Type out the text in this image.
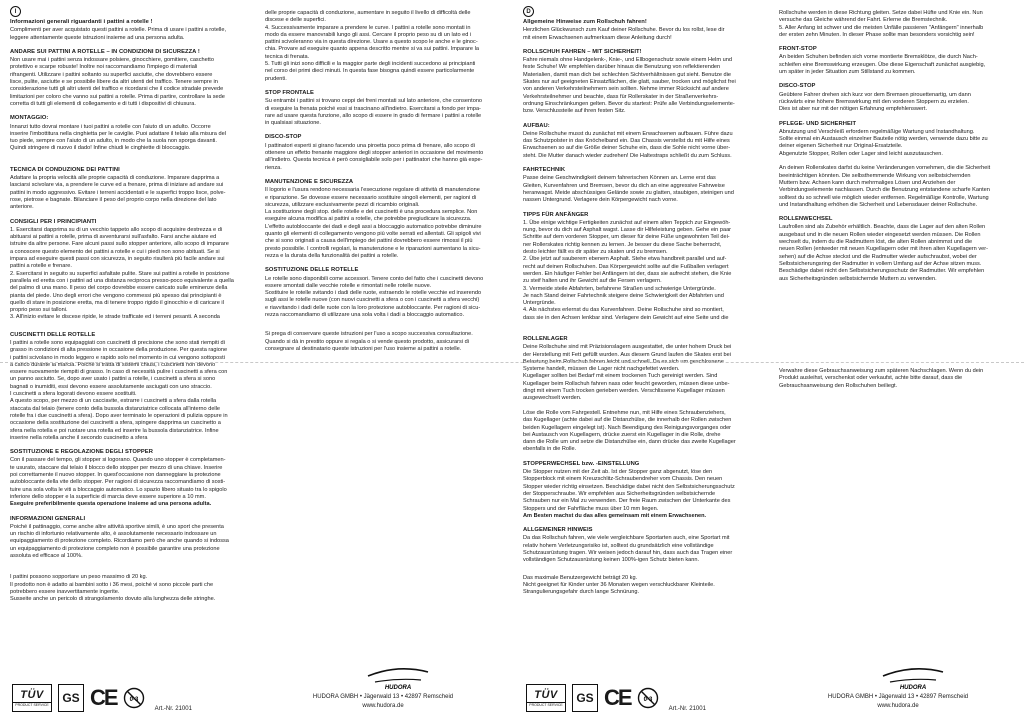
I	D
Informazioni generali riguardanti i pattini a rotelle !

Complimenti per aver acquistato questi pattini a rotelle. Prima di usare i pattini a rotelle,
leggere attentamente queste istruzioni insieme ad una persona adulta.

ANDARE SUI PATTINI A ROTELLE – IN CONDIZIONI DI SICUREZZA !

Non usare mai i pattini senza indossare polsiere, ginocchiere, gomitiere, caschetto
protettivo e scarpe robuste! Inoltre noi raccomandiamo l'impiego di materiali
rifrangenti. Utilizzare i pattini soltanto su superfici asciutte, che dovrebbero essere
lisce, pulite, asciutte e se possibile libere da altri utenti del traffico. Tenere sempre in
considerazione tutti gli altri utenti del traffico e ricordarsi che il codice stradale prevede
limitazioni per coloro che vanno sui pattini a rotelle. Prima di partire, controllare la sede
corretta di tutti gli elementi di collegamento e di tutti i dispositivi di chiusura.

MONTAGGIO:

Innanzi tutto dovrai montare i tuoi pattini a rotelle con l'aiuto di un adulto. Occorre
inserire l'imbottitura nella cinghietta per le caviglie. Puoi adattare il telaio alla misura del
tuo piede, sempre con l'aiuto di un adulto, in modo che la suola non sporga davanti.
Quindi stringere di nuovo il dado! Infine chiudi le cinghiette di bloccaggio.

TECNICA DI CONDUZIONE DEI PATTINI

Adattare la propria velocità alle proprie capacità di conduzione. Imparare dapprima a
lasciarsi scivolare via, a prendere le curve ed a frenare, prima di iniziare ad andare sui
pattini in modo aggressivo. Evitare i terreni accidentati e le superfici troppo lisce, polve-
rose, pietrose e bagnate. Bilanciare il peso del proprio corpo nella direzione del lato
anteriore.

CONSIGLI PER I PRINCIPIANTI

1. Esercitarsi dapprima su di un vecchio tappeto allo scopo di acquisire destrezza e di
abituarsi ai pattini a rotelle, prima di avventurarsi sull'asfalto. Farsi anche aiutare ed
istruire da altre persone. Fare alcuni passi sullo stopper anteriore, allo scopo di imparare
a conoscere questo elemento dei pattini a rotelle e cui i piedi non sono abituati. Se si
impara ad eseguire questi passi con sicurezza, in seguito risulterà più facile andare sui
pattini a rotelle e frenare.
2. Esercitarsi in seguito su superfici asfaltate pulite. Stare sui pattini a rotelle in posizione
parallela ed eretta con i pattini ad una distanza reciproca presso-poco equivalente a quella
del palmo di una mano. Il peso del corpo dovrebbe essere caricato sulle eminenze della
pianta del piede. Uno degli errori che vengono commessi più spesso dai principianti è
quello di stare in posizione eretta, ma di tenere troppo rigido il ginocchio e di caricare il
proprio peso sui talloni.
3. All'inizio evitare le discese ripide, le strade trafficate ed i terreni pesanti. A seconda

CUSCINETTI DELLE ROTELLE

I pattini a rotelle sono equipaggiati con cuscinetti di precisione che sono stati riempiti di
grasso in condizioni di alta pressione in occasione della produzione. Per questa ragione
i pattini scivolano in modo leggero e rapido solo nel momento in cui vengono sottoposti
a carico durante la marcia. Poiché si tratta di sistemi chiusi, i cuscinetti non devono
essere nuovamente riempiti di grasso. In caso di necessità pulire i cuscinetti a sfera con
un panno asciutto. Se, dopo aver usato i pattini a rotelle, i cuscinetti a sfera si sono
bagnati o inumiditi, essi devono essere assolutamente asciugati con uno straccio.
I cuscinetti a sfera logorati devono essere sostituiti.
A questo scopo, per mezzo di un cacciavite, estrarre i cuscinetti a sfera dalla rotella
staccata dal telaio (tenere conto della bussola distanziatrice collocata all'interno delle
rotelle fra i due cuscinetti a sfera). Dopo aver terminato le operazioni di pulizia oppure in
occasione della sostituzione dei cuscinetti a sfera, spingere dapprima un cuscinetto a
sfera nella rotella e poi ruotare una rotella ed inserire la bussola distanziatrice. Infine
inserire nella rotella anche il secondo cuscinetto a sfera

SOSTITUZIONE E REGOLAZIONE DEGLI STOPPER

Con il passare del tempo, gli stopper si logorano. Quando uno stopper è completamen-
te usurato, staccare dal telaio il blocco dello stopper per mezzo di una chiave. Inserire
poi correttamente il nuovo stopper. In quest'occasione non danneggiare la protezione
autobloccante della vite dello stopper. Per ragioni di sicurezza raccomandiamo di sosti-
tuire una sola volta le viti a bloccaggio automatico. Lo spazio libero situato tra lo spigolo
inferiore dello stopper e la superficie di marcia deve essere superiore a 10 mm.

Eseguire preferibilmente questa operazione insieme ad una persona adulta.

INFORMAZIONI GENERALI

Poiché il pattinaggio, come anche altre attività sportive simili, è uno sport che presenta
un rischio di infortunio relativamente alto, è assolutamente necessario indossare un
equipaggiamento di protezione completo. Ricordiamo però che anche quando si indossa
un equipaggiamento di protezione completo non è possibile garantire una protezione
assoluta ed efficace al 100%.

I pattini possono sopportare un peso massimo di 20 kg.
Il prodotto non è adatto ai bambini sotto i 36 mesi, poiché vi sono piccole parti che
potrebbero essere inavvertitamente ingerite.
Susseite anche un pericolo di strangolamento dovuto alla lunghezza delle stringhe.

delle proprie capacità di conduzione, aumentare in seguito il livello di difficoltà delle
discese e delle superfici.
4. Successivamente imparare a prendere le curve. I pattini a rotelle sono montati in
modo da essere manovrabili lungo gli assi. Cercare il proprio peso su di un lato ed i
pattini scivoleranno via in questa direzione. Usare a questo scopo le anche e le ginoc-
chia. Provare ad eseguire quanto appena descritto mentre si va sui pattini. Imparare la
tecnica di frenata.
5. Tutti gli inizi sono difficili e la maggior parte degli incidenti succedono ai principianti
nel corso dei primi dieci minuti. In questa fase bisogna quindi essere particolarmente
prudenti.

STOP FRONTALE

Su entrambi i pattini si trovano ceppi dei freni montati sul lato anteriore, che consentono
di eseguire la frenata poiché essi si trascinano all'indietro. Esercitarsi a fondo per impa-
rare ad usare questa funzione, allo scopo di essere in grado di fermare i pattini a rotelle
in qualsiasi situazione.

DISCO-STOP

I pattinatori esperti si girano facendo una piroetta poco prima di frenare, allo scopo di
ottenere un effetto frenante maggiore degli stopper anteriori in occasione del movimento
all'indietro. Questa tecnica è però consigliabile solo per i pattinatori che hanno già espe-
rienza.

MANUTENZIONE E SICUREZZA

Il logorio e l'usura rendono necessaria l'esecuzione regolare di attività di manutenzione
e riparazione. Se dovesse essere necessario sostituire singoli elementi, per ragioni di
sicurezza, utilizzare esclusivamente pezzi di ricambio originali.
La sostituzione degli stop. delle rotelle e dei cuscinetti è una procedura semplice. Non
eseguire alcuna modifica ai pattini a rotelle, che potrebbe pregiudicare la sicurezza.
L'effetto autobloccante dei dadi e degli assi a bloccaggio automatico potrebbe diminuire
quanto gli elementi di collegamento vengono più volte serrati ed allentati. Gli spigoli vivi
che si sono originati a causa dell'impiego dei pattini dovrebbero essere rimossi il più
presto possibile. I controlli regolari, la manutenzione e le riparazioni aumentano la sicu-
rezza e la durata della funzionalità dei pattini a rotelle.

SOSTITUZIONE DELLE ROTELLE

Le rotelle sono disponibili come accessori. Tenere conto del fatto che i cuscinetti devono
essere smontati dalle vecchie rotelle e rimontati nelle rotelle nuove.
Sostituire le rotelle svitando i dadi delle ruote, estraendo le rotelle vecchie ed inserendo
sugli assi le rotelle nuove (con nuovi cuscinetti a sfera o con i cuscinetti a sfera vecchi)
e riavvitando i dadi delle ruote con la loro protezione autobloccante. Per ragioni di sicu-
rezza raccomandiamo di utilizzare una sola volta i dadi a bloccaggio automatico.

Si prega di conservare queste istruzioni per l'uso a scopo successiva consultazione.
Quando si dà in prestito oppure si regala o si vende questo prodotto, assicurarsi di
consegnare al destinatario queste istruzioni per l'uso insieme ai pattini a rotelle.

Allgemeine Hinweise zum Rollschuh fahren!

Herzlichen Glückwunsch zum Kauf deiner Rollschuhe. Bevor du los rollst, lese dir
mit einem Erwachsenen aufmerksam diese Anleitung durch!

ROLLSCHUH FAHREN – MIT SICHERHEIT!

Fahre niemals ohne Handgelenk-, Knie-, und Ellbogenschutz sowie einem Helm und
feste Schuhe! Wir empfehlen darüber hinaus die Benutzung von reflektierenden
Materialien, damit man dich bei schlechten Sichtverhältnissen gut sieht. Benutze die
Skates nur auf geeigneten Einsatzflächen, die glatt, sauber, trocken und möglichst frei
von anderen Verkehrsteilnehmern sein sollten. Nehme immer Rücksicht auf andere
Verkehrsteilnehmer und beachte, dass für Rollerskater in der Straßenverkehrs-
ordnung Einschränkungen gelten. Bevor du startest: Prüfe alle Verbindungselemente-
bzw. Verschlussteile auf ihren festen Sitz.

AUFBAU:

Deine Rollschuhe musst du zunächst mit einem Erwachsenen aufbauen. Führe dazu
das Schutzpolster in das Knöchelband ein. Das Chassis verstellst du mit Hilfe eines
Erwachsenen so auf die Größe deiner Schuhe ein, dass die Sohle nicht vorne über-
steht. Die Mutter danach wieder zudrehen! Die Haltestraps schließt du zum Schluss.

FAHRTECHNIK

Passe deine Geschwindigkeit deinem fahrerischen Können an. Lerne erst das
Gleiten, Kurvenfahren und Bremsen, bevor du dich an eine aggressive Fahrweise
heranwagst. Meide abschüssiges Gelände sowie zu glatten, staubigen, steinigen und
nassen Untergrund. Verlagere dein Körpergewicht nach vorne.

TIPPS FÜR ANFÄNGER

1. Übe einige wichtige Fertigkeiten zunächst auf einem alten Teppich zur Eingewöh-
nung, bevor du dich auf Asphalt wagst. Lasse dir Hilfeleistung geben. Gehe ein paar
Schritte auf dem vorderen Stopper, um dieser für deine Füße ungewohnten Teil dei-
ner Rollerskates richtig kennen zu lernen. Je besser du diese Sache beherrscht,
desto leichter fällt es dir später zu skaten und zu bremsen.
2. Übe jetzt auf sauberem ebenem Asphalt. Stehe etwa handbreit parallel und auf-
recht auf deinen Rollschuhen. Das Körpergewicht sollte auf die Fußballen verlagert
werden. Ein häufiger Fehler bei Anfängern ist der, dass sie aufrecht stehen, die Knie
zu steif halten und ihr Gewicht auf die Fersen verlagern.
3. Vermeide steile Abfahrten, befahrene Straßen und schwierige Untergründe.
Je nach Stand deiner Fahrtechnik steigere deine Schwierigkeit der Abfahrten und
Untergründe.
4. Als nächstes erlernst du das Kurvenfahren. Deine Rollschuhe sind so montiert,
dass sie in den Achsen lenkbar sind. Verlagere dein Gewicht auf eine Seite und die

ROLLENLAGER

Deine Rollschuhe sind mit Präzisionslagern ausgestattet, die unter hohem Druck bei
der Herstellung mit Fett gefüllt wurden. Aus diesem Grund laufen die Skates erst bei
Belastung beim Rollschuh fahren leicht und schnell. Da es sich um geschlossene
Systeme handelt, müssen die Lager nicht nachgefettet werden.
Kugellager sollten bei Bedarf mit einem trockenen Tuch gereinigt werden. Sind
Kugellager beim Rollschuh fahren nass oder feucht geworden, müssen diese unbe-
dingt mit einem Tuch trocken gerieben werden. Verschlissene Kugellager müssen
ausgewechselt werden.

Löse die Rolle vom Fahrgestell. Entnehme nun, mit Hilfe eines Schraubenziehers,
das Kugellager (achte dabei auf die Distanzhülse, die innerhalb der Rollen zwischen
beiden Kugellagern eingelegt ist). Nach Beendigung des Reinigungsvorganges oder
bei Austausch von Kugellagern, drücke zuerst ein Kugellager in die Rolle, drehe
dann die Rolle um und setze die Distanzhülse ein, dann drücke das zweite Kugellager
ebenfalls in die Rolle.

STOPPERWECHSEL bzw. -EINSTELLUNG

Die Stopper nutzen mit der Zeit ab. Ist der Stopper ganz abgenutzt, löse den
Stopperblock mit einem Kreuzschlitz-Schraubendreher vom Chassis. Den neuen
Stopper wieder richtig einsetzen. Beschädige dabei nicht den Selbstsicherungsschutz
der Stopperschraube. Wir empfehlen aus Sicherheitsgründen selbstsichernde
Schrauben nur ein Mal zu verwenden. Der freie Raum zwischen der Unterkante des
Stoppers und der Fahrfläche muss über 10 mm liegen.

Am Besten machst du das alles gemeinsam mit einem Erwachsenen.

ALLGEMEINER HINWEIS

Da das Rollschuh fahren, wie viele vergleichbare Sportarten auch, eine Sportart mit
relativ hohem Verletzungsrisiko ist, solltest du grundsätzlich eine vollständige
Schutzausrüstung tragen. Wir weisen jedoch darauf hin, dass auch das Tragen einer
vollständigen Schutzausrüstung keinen 100%-igen Schutz bieten kann.

Das maximale Benutzergewicht beträgt 20 kg.
Nicht geeignet für Kinder unter 36 Monaten wegen verschluckbarer Kleinteile.
Strangulierungsgefahr durch lange Schnürung.

Rollschuhe werden in diese Richtung gleiten. Setze dabei Hüfte und Knie ein. Nun
versuche das Gleiche während der Fahrt. Erlerne die Bremstechnik.
5. Aller Anfang ist schwer und die meisten Unfälle passieren "Anfängern" innerhalb
der ersten zehn Minuten. In dieser Phase sollte man besonders vorsichtig sein!

FRONT-STOP

An beiden Schuhen befinden sich vorne montierte Bremsklötze, die durch Nach-
schleifen eine Bremswirkung erzeugen. Übe diese Eigenschaft zunächst ausgiebig,
um später in jeder Situation zum Stillstand zu kommen.

DISCO-STOP

Geübtere Fahrer drehen sich kurz vor dem Bremsen pirouettenartig, um dann
rückwärts eine höhere Bremswirkung mit den vorderen Stoppern zu erzielen.
Dies ist aber nur mit der nötigen Erfahrung empfehlenswert.

PFLEGE- UND SICHERHEIT

Abnutzung und Verschleiß erfordern regelmäßige Wartung und Instandhaltung.
Sollte einmal ein Austausch einzelner Bauteile nötig werden, verwende dazu bitte zu
deiner eigenen Sicherheit nur Original-Ersatzteile.
Abgenutzte Stopper, Rollen oder Lager sind leicht auszutauschen.

An deinen Rollerskates darfst du keine Veränderungen vornehmen, die die Sicherheit
beeinträchtigen könnten. Die selbsthemmende Wirkung von selbstsichernden
Muttern bzw. Achsen kann durch mehrmaliges Lösen und Anziehen der
Verbindungselemente nachlassen. Durch die Benutzung entstandene scharfe Kanten
solltest du so schnell wie möglich wieder entfernen. Regelmäßige Kontrolle, Wartung
und Instandhaltung erhöhen die Sicherheit und Lebensdauer deiner Rollschuhe.

ROLLENWECHSEL

Laufrollen sind als Zubehör erhältlich. Beachte, dass die Lager auf den alten Rollen
ausgebaut und in die neuen Rollen wieder eingesetzt werden müssen. Die Rollen
wechselt du, indem du die Radmuttern löst, die alten Rollen abnimmst und die
neuen Rollen (entweder mit neuen Kugellagern oder mit ihren alten Kugellagern ver-
sehen) auf die Achse steckst und die Radmutter wieder aufschraubst, wobei der
Selbstsicherungsring der Radmutter in vollem Umfang auf der Achse sitzen muss.
Beschädige dabei nicht den Selbstsicherungsschutz der Radmutter. Wir empfehlen
aus Sicherheitsgründen selbstsichernde Muttern zu verwenden.

Verwahre diese Gebrauchsanweisung zum späteren Nachschlagen. Wenn du dein
Produkt ausleihst, verschenkst oder verkaufst, achte bitte darauf, dass die
Gebrauchsanweisung den Rollschuhen beiliegt.

TÜV
PRODUCT SERVICE GS CE 0-3
Art.-Nr. 21001
HUDORA
HUDORA GMBH • Jägerwald 13 • 42897 Remscheid
www.hudora.de
TÜV
PRODUCT SERVICE GS CE 0-3
Art.-Nr. 21001
HUDORA
HUDORA GMBH • Jägerwald 13 • 42897 Remscheid
www.hudora.de
